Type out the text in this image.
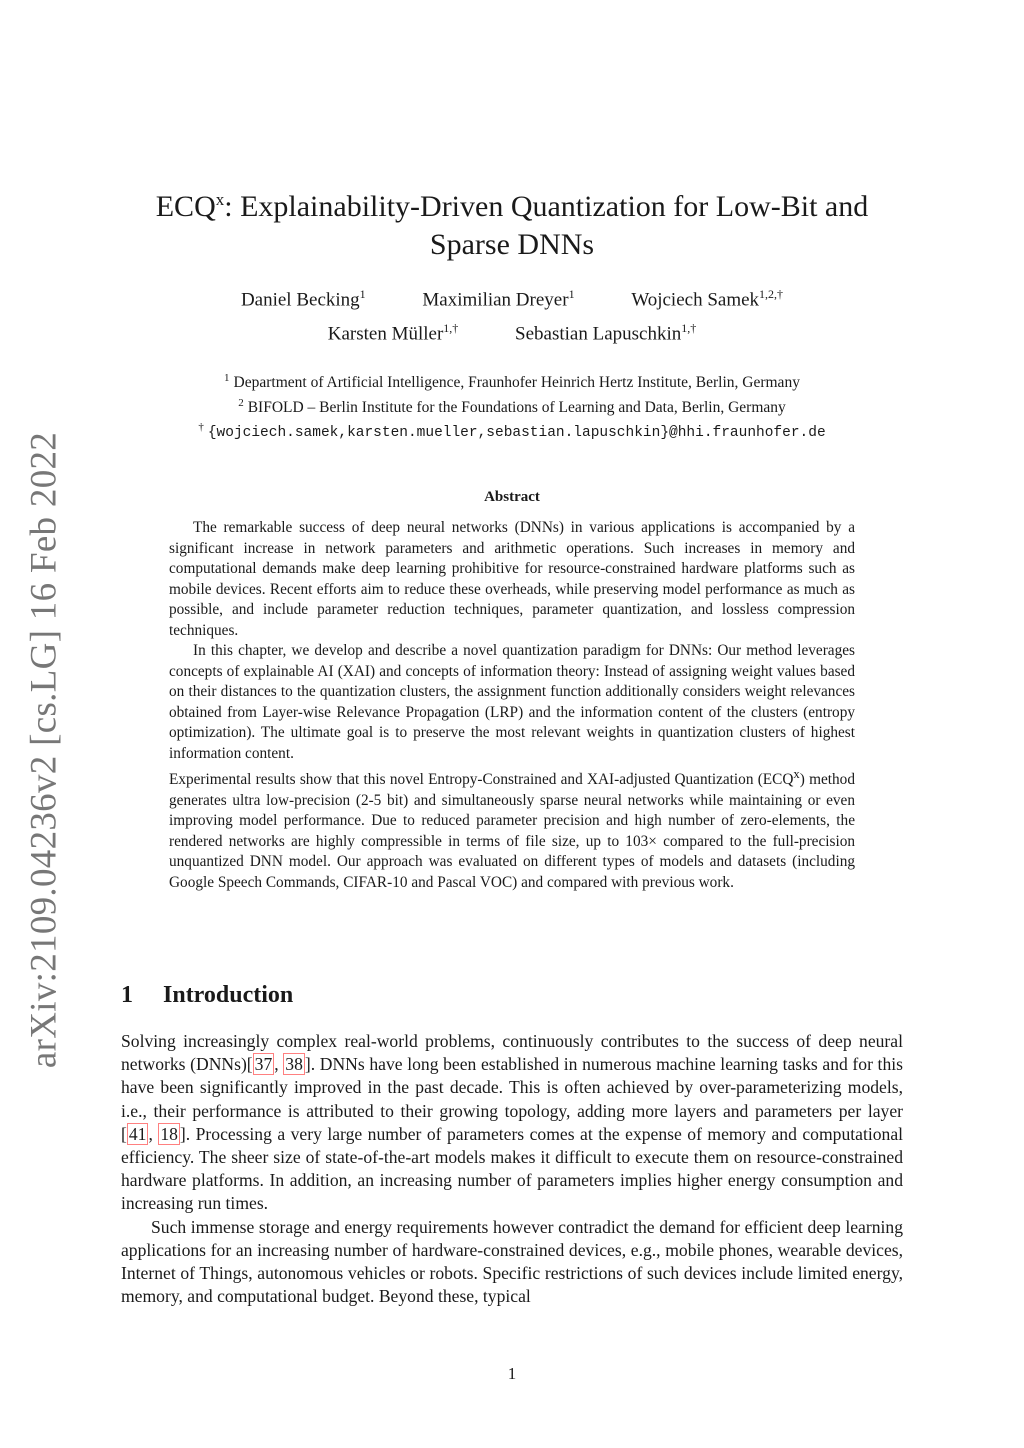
arXiv:2109.04236v2 [cs.LG] 16 Feb 2022
ECQ$^x$: Explainability-Driven Quantization for Low-Bit and
Sparse DNNs
Daniel Becking$^1$	Maximilian Dreyer$^1$	Wojciech Samek$^{1,2,\dagger}$
Karsten Müller$^{1,\dagger}$	Sebastian Lapuschkin$^{1,\dagger}$
$^1$ Department of Artificial Intelligence, Fraunhofer Heinrich Hertz Institute, Berlin, Germany
$^2$ BIFOLD – Berlin Institute for the Foundations of Learning and Data, Berlin, Germany
† {wojciech.samek,karsten.mueller,sebastian.lapuschkin}@hhi.fraunhofer.de
Abstract

The remarkable success of deep neural networks (DNNs) in various applications is accompanied by a significant increase in network parameters and arithmetic operations. Such increases in memory and computational demands make deep learning prohibitive for resource-constrained hardware platforms such as mobile devices. Recent efforts aim to reduce these overheads, while preserving model performance as much as possible, and include parameter reduction techniques, parameter quantization, and lossless compression techniques.

In this chapter, we develop and describe a novel quantization paradigm for DNNs: Our method leverages concepts of explainable AI (XAI) and concepts of information theory: Instead of assigning weight values based on their distances to the quantization clusters, the assignment function additionally considers weight relevances obtained from Layer-wise Relevance Propagation (LRP) and the information content of the clusters (entropy optimization). The ultimate goal is to preserve the most relevant weights in quantization clusters of highest information content.

Experimental results show that this novel Entropy-Constrained and XAI-adjusted Quantization (ECQ$^x$) method generates ultra low-precision (2-5 bit) and simultaneously sparse neural networks while maintaining or even improving model performance. Due to reduced parameter precision and high number of zero-elements, the rendered networks are highly compressible in terms of file size, up to 103× compared to the full-precision unquantized DNN model. Our approach was evaluated on different types of models and datasets (including Google Speech Commands, CIFAR-10 and Pascal VOC) and compared with previous work.

1 Introduction

Solving increasingly complex real-world problems, continuously contributes to the success of deep neural networks (DNNs)[ 37 , 38 ]. DNNs have long been established in numerous machine learning tasks and for this have been significantly improved in the past decade. This is often achieved by over-parameterizing models, i.e., their performance is attributed to their growing topology, adding more layers and parameters per layer [ 41 , 18 ]. Processing a very large number of parameters comes at the expense of memory and computational efficiency. The sheer size of state-of-the-art models makes it difficult to execute them on resource-constrained hardware platforms. In addition, an increasing number of parameters implies higher energy consumption and increasing run times.

Such immense storage and energy requirements however contradict the demand for efficient deep learning applications for an increasing number of hardware-constrained devices, e.g., mobile phones, wearable devices, Internet of Things, autonomous vehicles or robots. Specific restrictions of such devices include limited energy, memory, and computational budget. Beyond these, typical

1
